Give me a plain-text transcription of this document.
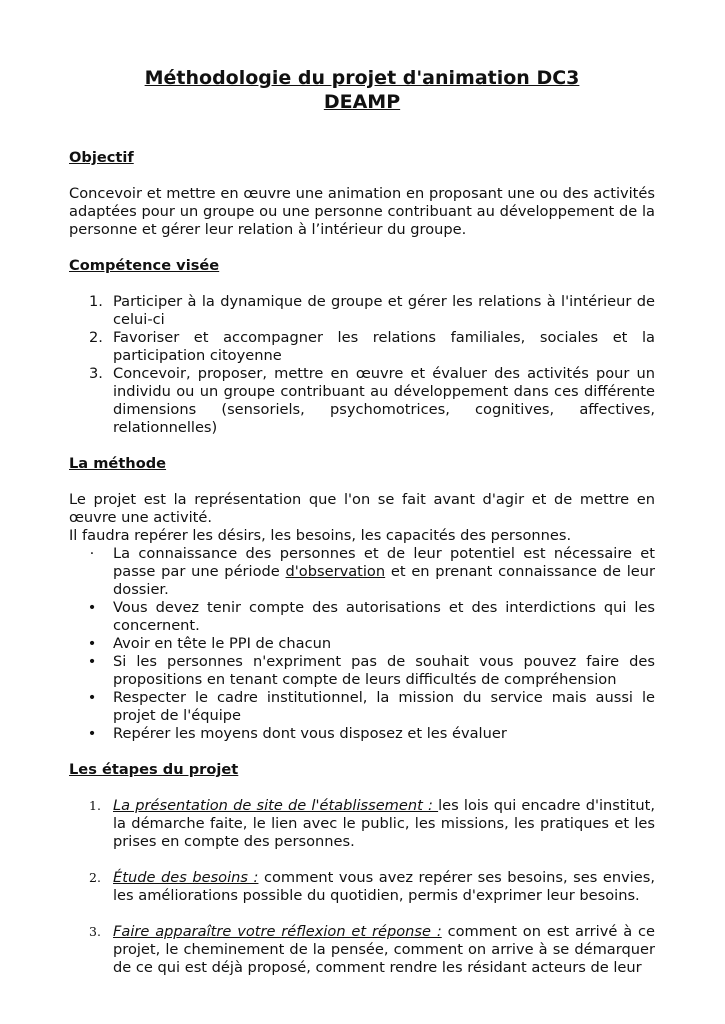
Méthodologie du projet d'animation DC3
DEAMP
Objectif

Concevoir et mettre en œuvre une animation en proposant une ou des activités adaptées pour un groupe ou une personne contribuant au développement de la personne et gérer leur relation à l’intérieur du groupe.

Compétence visée
1. Participer à la dynamique de groupe et gérer les relations à l'intérieur de celui-ci
2. Favoriser et accompagner les relations familiales, sociales et la participation citoyenne
3. Concevoir, proposer, mettre en œuvre et évaluer des activités pour un individu ou un groupe contribuant au développement dans ces différente dimensions (sensoriels, psychomotrices, cognitives, affectives, relationnelles)
La méthode

Le projet est la représentation que l'on se fait avant d'agir et de mettre en œuvre une activité.

Il faudra repérer les désirs, les besoins, les capacités des personnes.

· La connaissance des personnes et de leur potentiel est nécessaire et passe par une période d'observation et en prenant connaissance de leur dossier.
• Vous devez tenir compte des autorisations et des interdictions qui les concernent.
• Avoir en tête le PPI de chacun
• Si les personnes n'expriment pas de souhait vous pouvez faire des propositions en tenant compte de leurs difficultés de compréhension
• Respecter le cadre institutionnel, la mission du service mais aussi le projet de l'équipe
• Repérer les moyens dont vous disposez et les évaluer
Les étapes du projet
1. La présentation de site de l'établissement : les lois qui encadre d'institut, la démarche faite, le lien avec le public, les missions, les pratiques et les prises en compte des personnes.
2. Étude des besoins : comment vous avez repérer ses besoins, ses envies, les améliorations possible du quotidien, permis d'exprimer leur besoins.
3. Faire apparaître votre réflexion et réponse : comment on est arrivé à ce projet, le cheminement de la pensée, comment on arrive à se démarquer de ce qui est déjà proposé, comment rendre les résidant acteurs de leur
